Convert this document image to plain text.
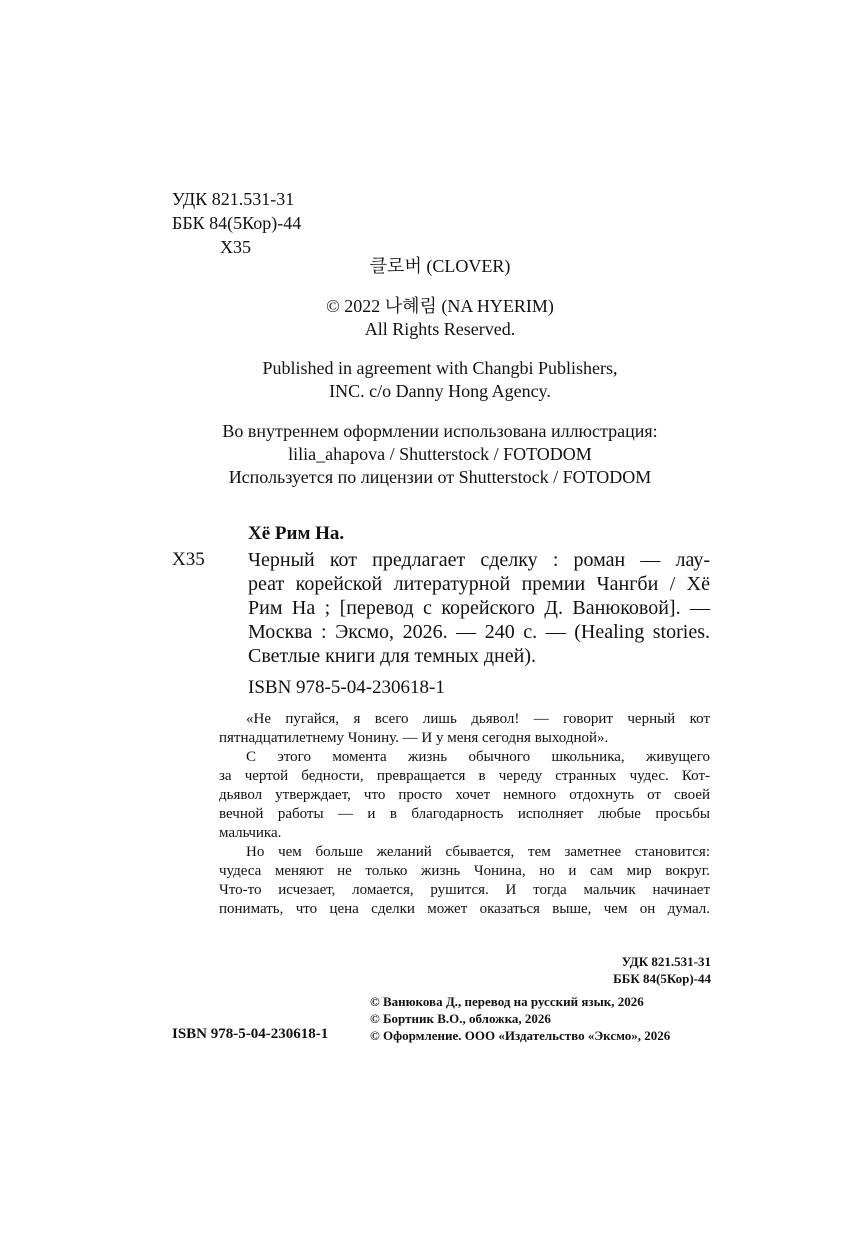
УДК 821.531-31
ББК 84(5Кор)-44
Х35
클로버 (CLOVER)
© 2022 나혜림 (NA HYERIM)
All Rights Reserved.
Published in agreement with Changbi Publishers,
INC. c/o Danny Hong Agency.
Во внутреннем оформлении использована иллюстрация:
lilia_ahapova / Shutterstock / FOTODOM
Используется по лицензии от Shutterstock / FOTODOM
Хё Рим На.
Х35 Черный кот предлагает сделку : роман — лау-
реат корейской литературной премии Чангби / Хё
Рим На ; [перевод с корейского Д. Ванюковой]. —
Москва : Эксмо, 2026. — 240 с. — (Healing stories.
Светлые книги для темных дней).
ISBN 978-5-04-230618-1

«Не пугайся, я всего лишь дьявол! — говорит черный кот
пятнадцатилетнему Чонину. — И у меня сегодня выходной».

С этого момента жизнь обычного школьника, живущего
за чертой бедности, превращается в череду странных чудес. Кот-
дьявол утверждает, что просто хочет немного отдохнуть от своей
вечной работы — и в благодарность исполняет любые просьбы
мальчика.

Но чем больше желаний сбывается, тем заметнее становится:
чудеса меняют не только жизнь Чонина, но и сам мир вокруг.
Что-то исчезает, ломается, рушится. И тогда мальчик начинает
понимать, что цена сделки может оказаться выше, чем он думал.

УДК 821.531-31
ББК 84(5Кор)-44
© Ванюкова Д., перевод на русский язык, 2026
© Бортник В.О., обложка, 2026
© Оформление. ООО «Издательство «Эксмо», 2026
ISBN 978-5-04-230618-1
